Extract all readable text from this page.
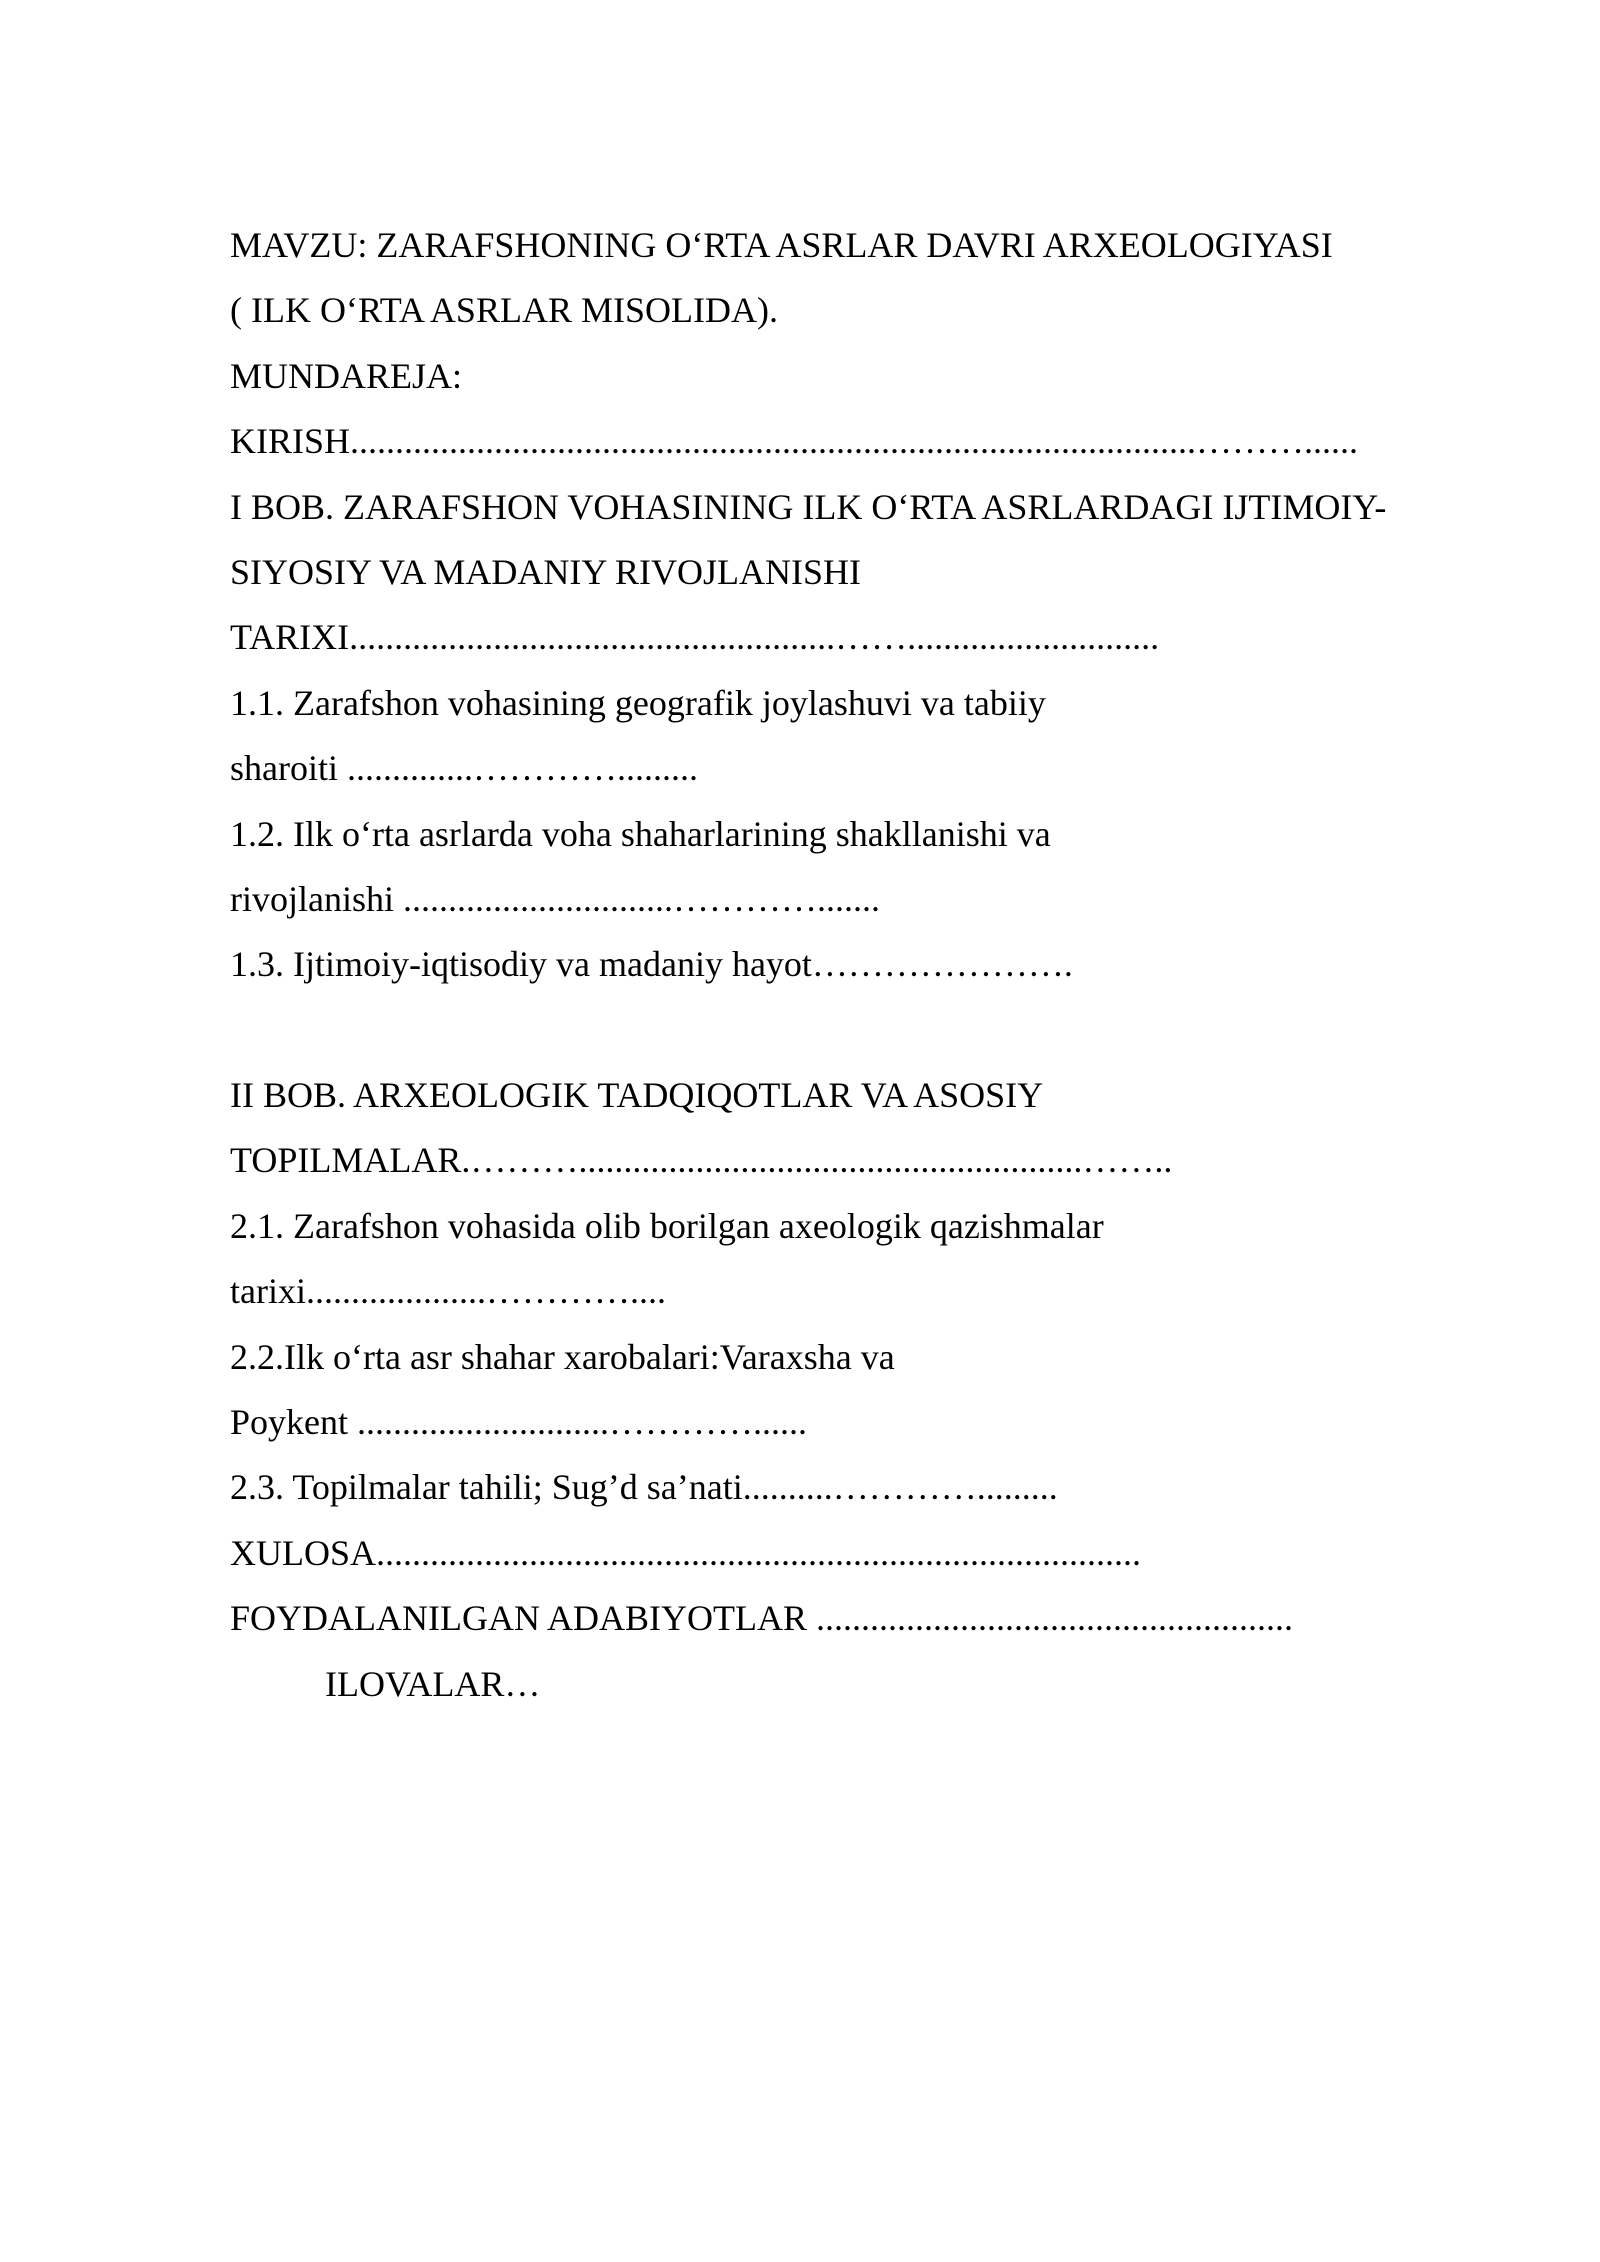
MAVZU: ZARAFSHONING O‘RTA ASRLAR DAVRI ARXEOLOGIYASI

( ILK O‘RTA ASRLAR MISOLIDA).

MUNDAREJA:

KIRISH..............................................................................................………......

I BOB. ZARAFSHON VOHASINING ILK O‘RTA ASRLARDAGI IJTIMOIY-

SIYOSIY VA MADANIY RIVOJLANISHI

TARIXI......................................................……............................

1.1. Zarafshon vohasining geografik joylashuvi va tabiiy

sharoiti ..............………….........

1.2. Ilk o‘rta asrlarda voha shaharlarining shakllanishi va

rivojlanishi ..............................………….......

1.3. Ijtimoiy-iqtisodiy va madaniy hayot………………….

II BOB. ARXEOLOGIK TADQIQOTLAR VA ASOSIY

TOPILMALAR.………........................................................……..

2.1. Zarafshon vohasida olib borilgan axeologik qazishmalar

tarixi....................…………....

2.2.Ilk o‘rta asr shahar xarobalari:Varaxsha va

Poykent ............................…………......

2.3. Topilmalar tahili; Sug’d sa’nati..........………….........

XULOSA.....................................................................................

FOYDALANILGAN ADABIYOTLAR .....................................................

ILOVALAR…
